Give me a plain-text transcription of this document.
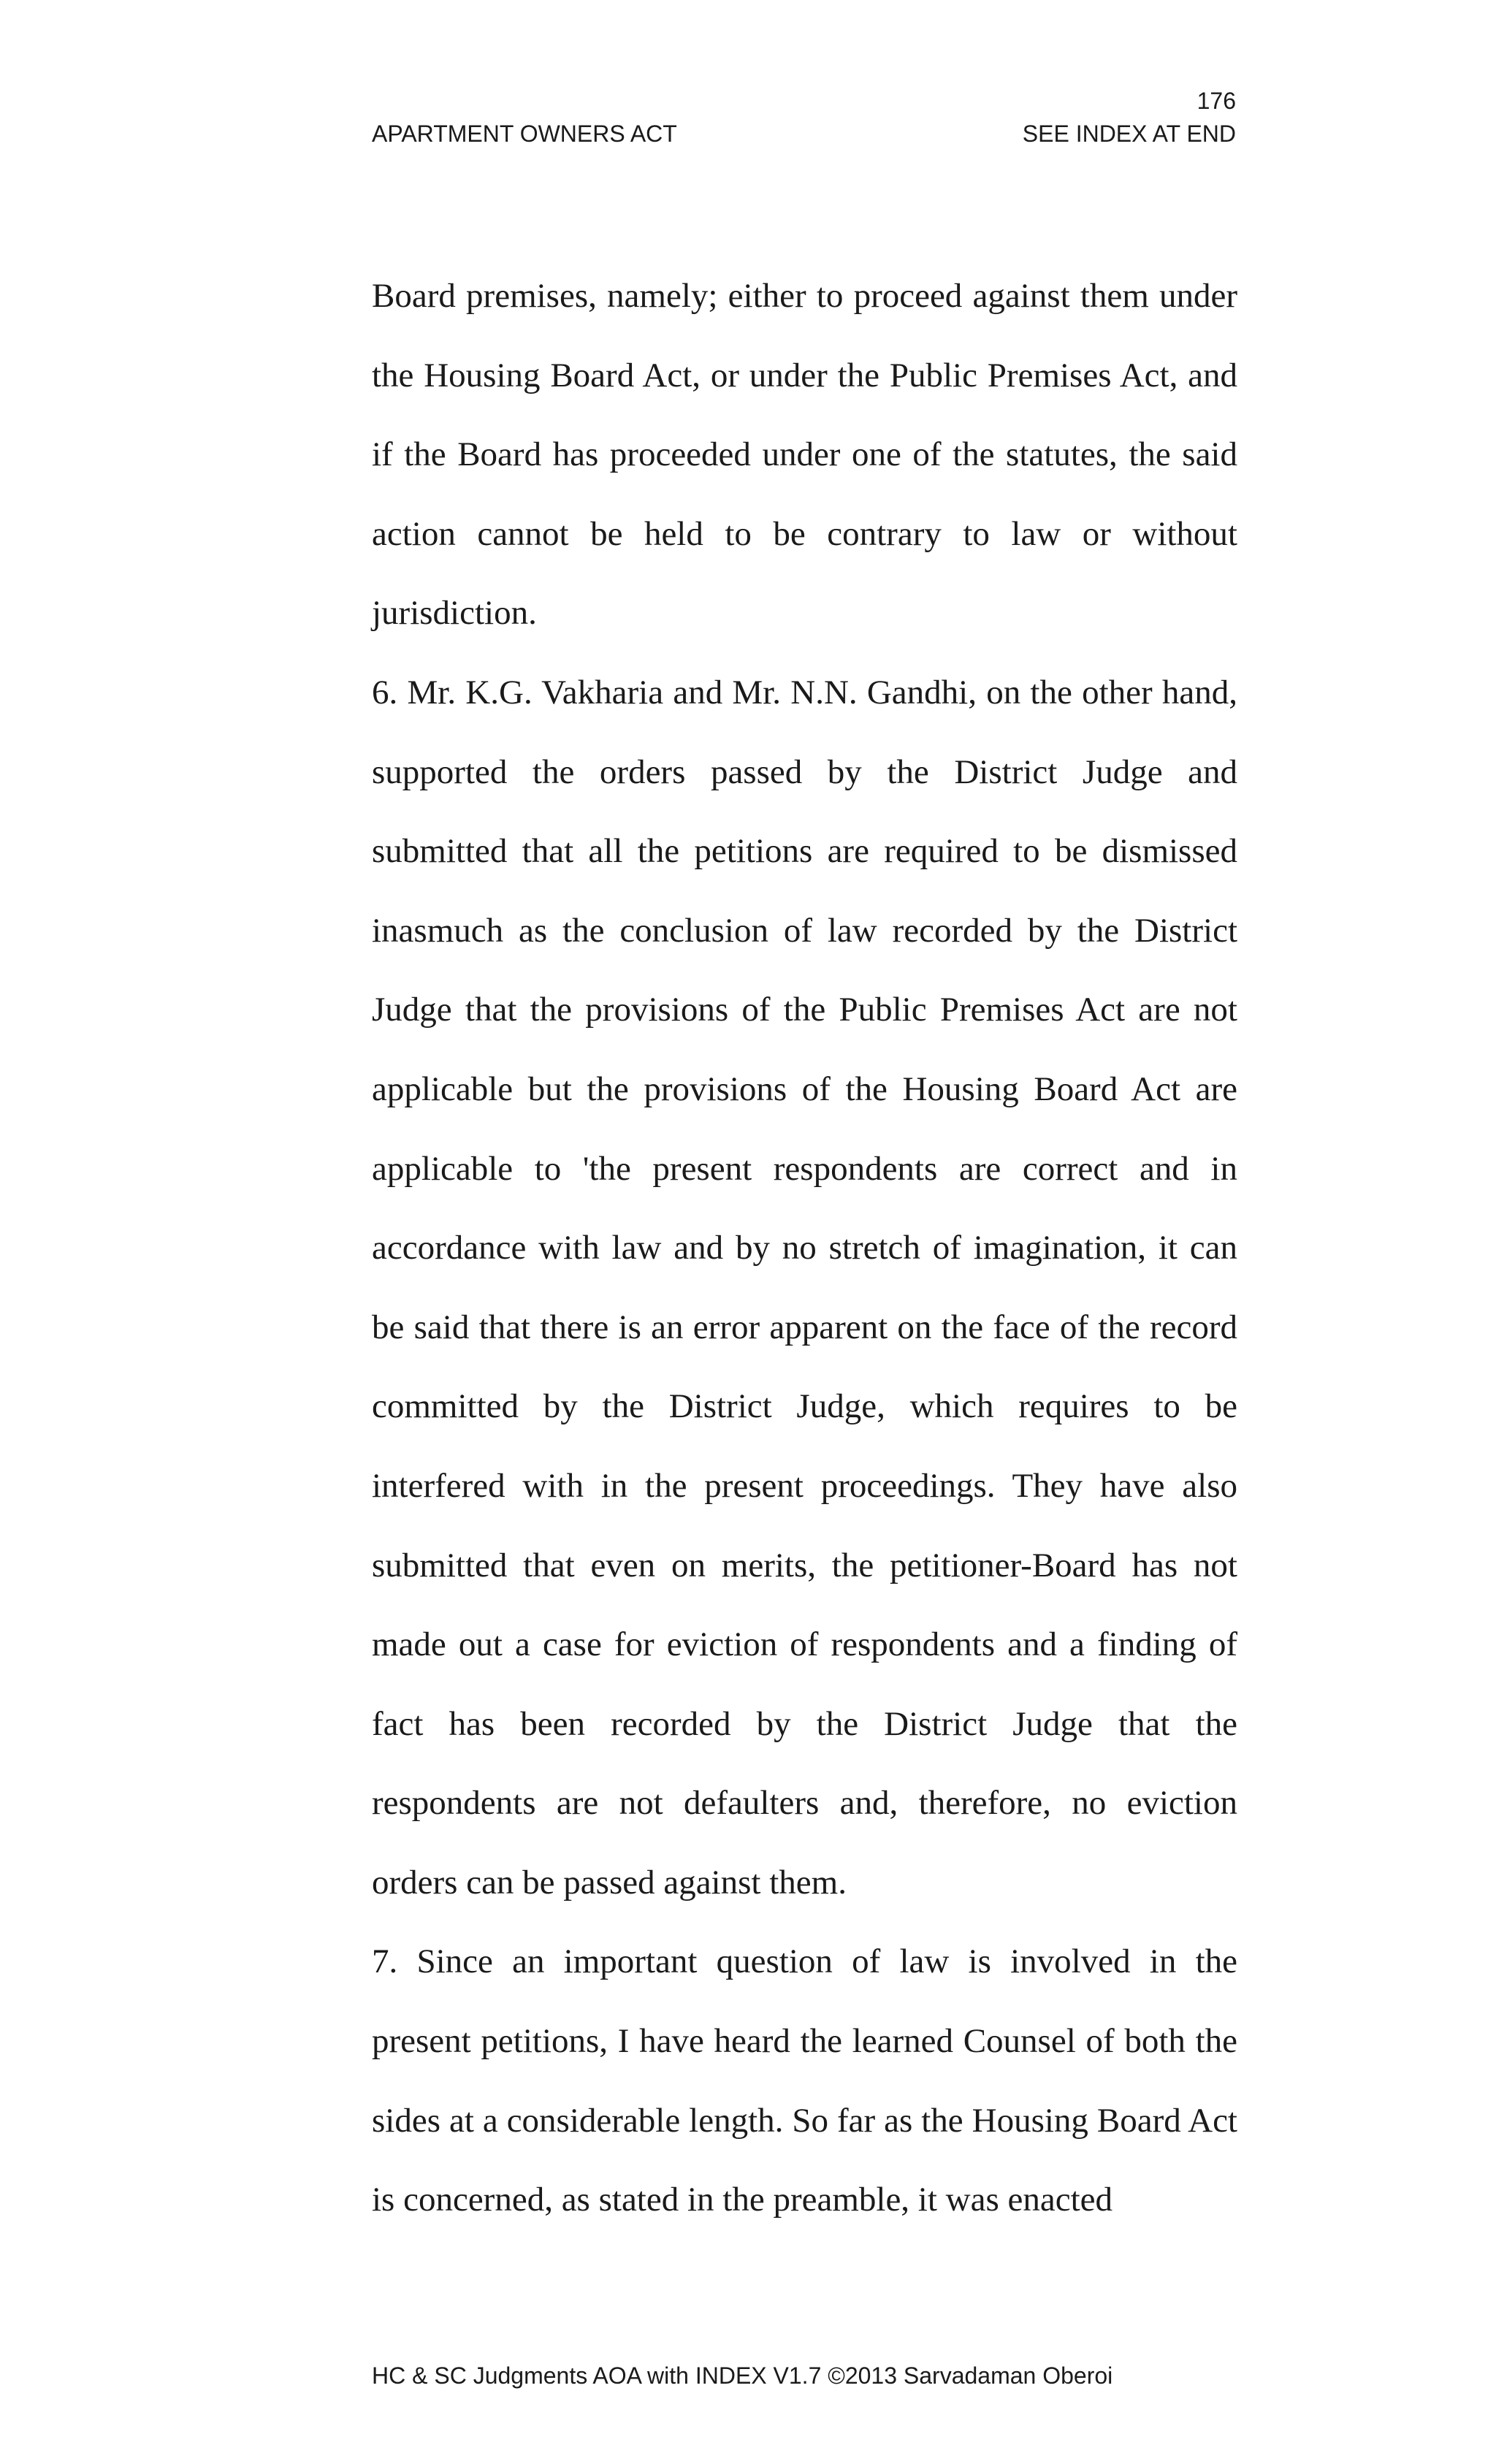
176
APARTMENT OWNERS ACT	SEE INDEX AT END

Board premises, namely; either to proceed against them under the Housing Board Act, or under the Public Premises Act, and if the Board has proceeded under one of the statutes, the said action cannot be held to be contrary to law or without jurisdiction.

6. Mr. K.G. Vakharia and Mr. N.N. Gandhi, on the other hand, supported the orders passed by the District Judge and submitted that all the petitions are required to be dismissed inasmuch as the conclusion of law recorded by the District Judge that the provisions of the Public Premises Act are not applicable but the provisions of the Housing Board Act are applicable to 'the present respondents are correct and in accordance with law and by no stretch of imagination, it can be said that there is an error apparent on the face of the record committed by the District Judge, which requires to be interfered with in the present proceedings. They have also submitted that even on merits, the petitioner-Board has not made out a case for eviction of respondents and a finding of fact has been recorded by the District Judge that the respondents are not defaulters and, therefore, no eviction orders can be passed against them.

7. Since an important question of law is involved in the present petitions, I have heard the learned Counsel of both the sides at a considerable length. So far as the Housing Board Act is concerned, as stated in the preamble, it was enacted

HC & SC Judgments AOA with INDEX V1.7 ©2013 Sarvadaman Oberoi
